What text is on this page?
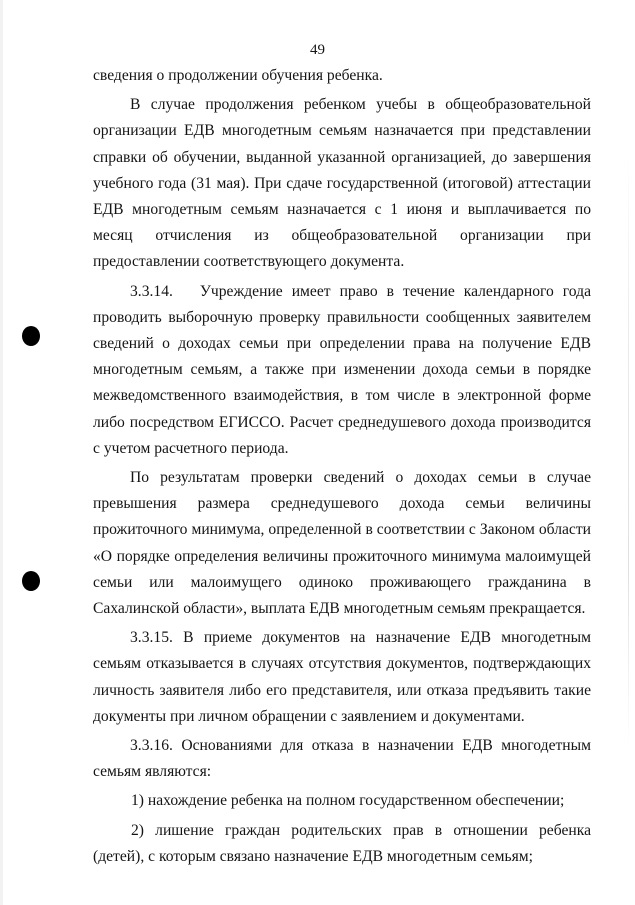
49

сведения о продолжении обучения ребенка.

В случае продолжения ребенком учебы в общеобразовательной организации ЕДВ многодетным семьям назначается при представлении справки об обучении, выданной указанной организацией, до завершения учебного года (31 мая). При сдаче государственной (итоговой) аттестации ЕДВ многодетным семьям назначается с 1 июня и выплачивается по месяц отчисления из общеобразовательной организации при предоставлении соответствующего документа.

3.3.14.   Учреждение имеет право в течение календарного года проводить выборочную проверку правильности сообщенных заявителем сведений о доходах семьи при определении права на получение ЕДВ многодетным семьям, а также при изменении дохода семьи в порядке межведомственного взаимодействия, в том числе в электронной форме либо посредством ЕГИССО. Расчет среднедушевого дохода производится с учетом расчетного периода.

По результатам проверки сведений о доходах семьи в случае превышения размера среднедушевого дохода семьи величины прожиточного минимума, определенной в соответствии с Законом области «О порядке определения величины прожиточного минимума малоимущей семьи или малоимущего одиноко проживающего гражданина в Сахалинской области», выплата ЕДВ многодетным семьям прекращается.

3.3.15. В приеме документов на назначение ЕДВ многодетным семьям отказывается в случаях отсутствия документов, подтверждающих личность заявителя либо его представителя, или отказа предъявить такие документы при личном обращении с заявлением и документами.

3.3.16. Основаниями для отказа в назначении ЕДВ многодетным семьям являются:

1) нахождение ребенка на полном государственном обеспечении;

2) лишение граждан родительских прав в отношении ребенка (детей), с которым связано назначение ЕДВ многодетным семьям;
